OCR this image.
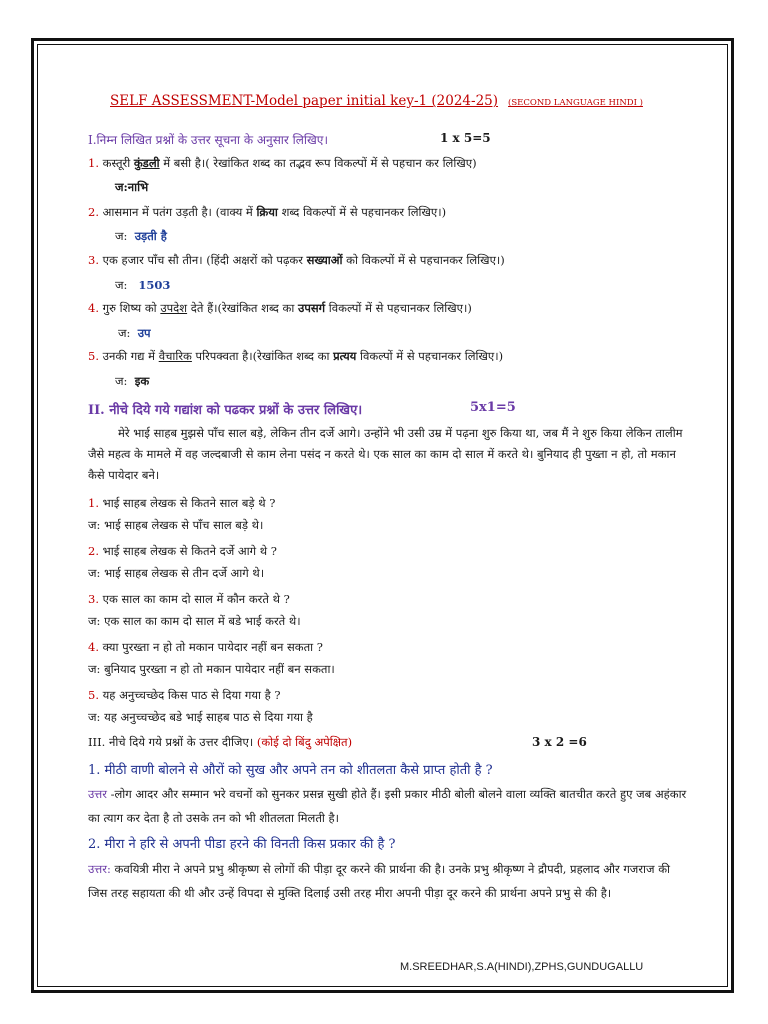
SELF ASSESSMENT-Model paper initial key-1 (2024-25) (SECOND LANGUAGE HINDI )
I.निम्न लिखित प्रश्नों के उत्तर सूचना के अनुसार लिखिए।	1 x 5=5
1. कस्तूरी कुंडली में बसी है।( रेखांकित शब्द का तद्भव रूप विकल्पों में से पहचान कर लिखिए)
ज:नाभि
2. आसमान में पतंग उड़ती है। (वाक्य में क्रिया शब्द विकल्पों में से पहचानकर लिखिए।)
ज: उड़ती है
3. एक हजार पाँच सौ तीन। (हिंदी अक्षरों को पढ़कर सख्याओं को विकल्पों में से पहचानकर लिखिए।)
ज: 1503
4. गुरु शिष्य को उपदेश देते हैं।(रेखांकित शब्द का उपसर्ग विकल्पों में से पहचानकर लिखिए।)
ज: उप
5. उनकी गद्य में वैचारिक परिपक्वता है।(रेखांकित शब्द का प्रत्यय विकल्पों में से पहचानकर लिखिए।)
ज: इक
II. नीचे दिये गये गद्यांश को पढकर प्रश्नों के उत्तर लिखिए।	5x1=5
मेरे भाई साहब मुझसे पाँच साल बड़े, लेकिन तीन दर्जे आगे। उन्होंने भी उसी उम्र में पढ़ना शुरु किया था, जब मैं ने शुरु किया लेकिन तालीम जैसे महत्व के मामले में वह जल्दबाजी से काम लेना पसंद न करते थे। एक साल का काम दो साल में करते थे। बुनियाद ही पुख्ता न हो, तो मकान कैसे पायेदार बने।
1. भाई साहब लेखक से कितने साल बड़े थे ?
ज: भाई साहब लेखक से पाँच साल बड़े थे।
2. भाई साहब लेखक से कितने दर्जे आगे थे ?
ज: भाई साहब लेखक से तीन दर्जे आगे थे।
3. एक साल का काम दो साल में कौन करते थे ?
ज: एक साल का काम दो साल में बडे भाई करते थे।
4. क्या पुरख्ता न हो तो मकान पायेदार नहीं बन सकता ?
ज: बुनियाद पुरख्ता न हो तो मकान पायेदार नहीं बन सकता।
5. यह अनुच्चच्छेद किस पाठ से दिया गया है ?
ज: यह अनुच्चच्छेद बडे भाई साहब पाठ से दिया गया है
III. नीचे दिये गये प्रश्नों के उत्तर दीजिए। (कोई दो बिंदु अपेक्षित)	3 x 2 =6
1. मीठी वाणी बोलने से औरों को सुख और अपने तन को शीतलता कैसे प्राप्त होती है ?
उत्तर -लोग आदर और सम्मान भरे वचनों को सुनकर प्रसन्न सुखी होते हैं। इसी प्रकार मीठी बोली बोलने वाला व्यक्ति बातचीत करते हुए जब अहंकार का त्याग कर देता है तो उसके तन को भी शीतलता मिलती है।
2. मीरा ने हरि से अपनी पीडा हरने की विनती किस प्रकार की है ?
उत्तर: कवयित्री मीरा ने अपने प्रभु श्रीकृष्ण से लोगों की पीड़ा दूर करने की प्रार्थना की है। उनके प्रभु श्रीकृष्ण ने द्रौपदी, प्रहलाद और गजराज की जिस तरह सहायता की थी और उन्हें विपदा से मुक्ति दिलाई उसी तरह मीरा अपनी पीड़ा दूर करने की प्रार्थना अपने प्रभु से की है।
M.SREEDHAR,S.A(HINDI),ZPHS,GUNDUGALLU
